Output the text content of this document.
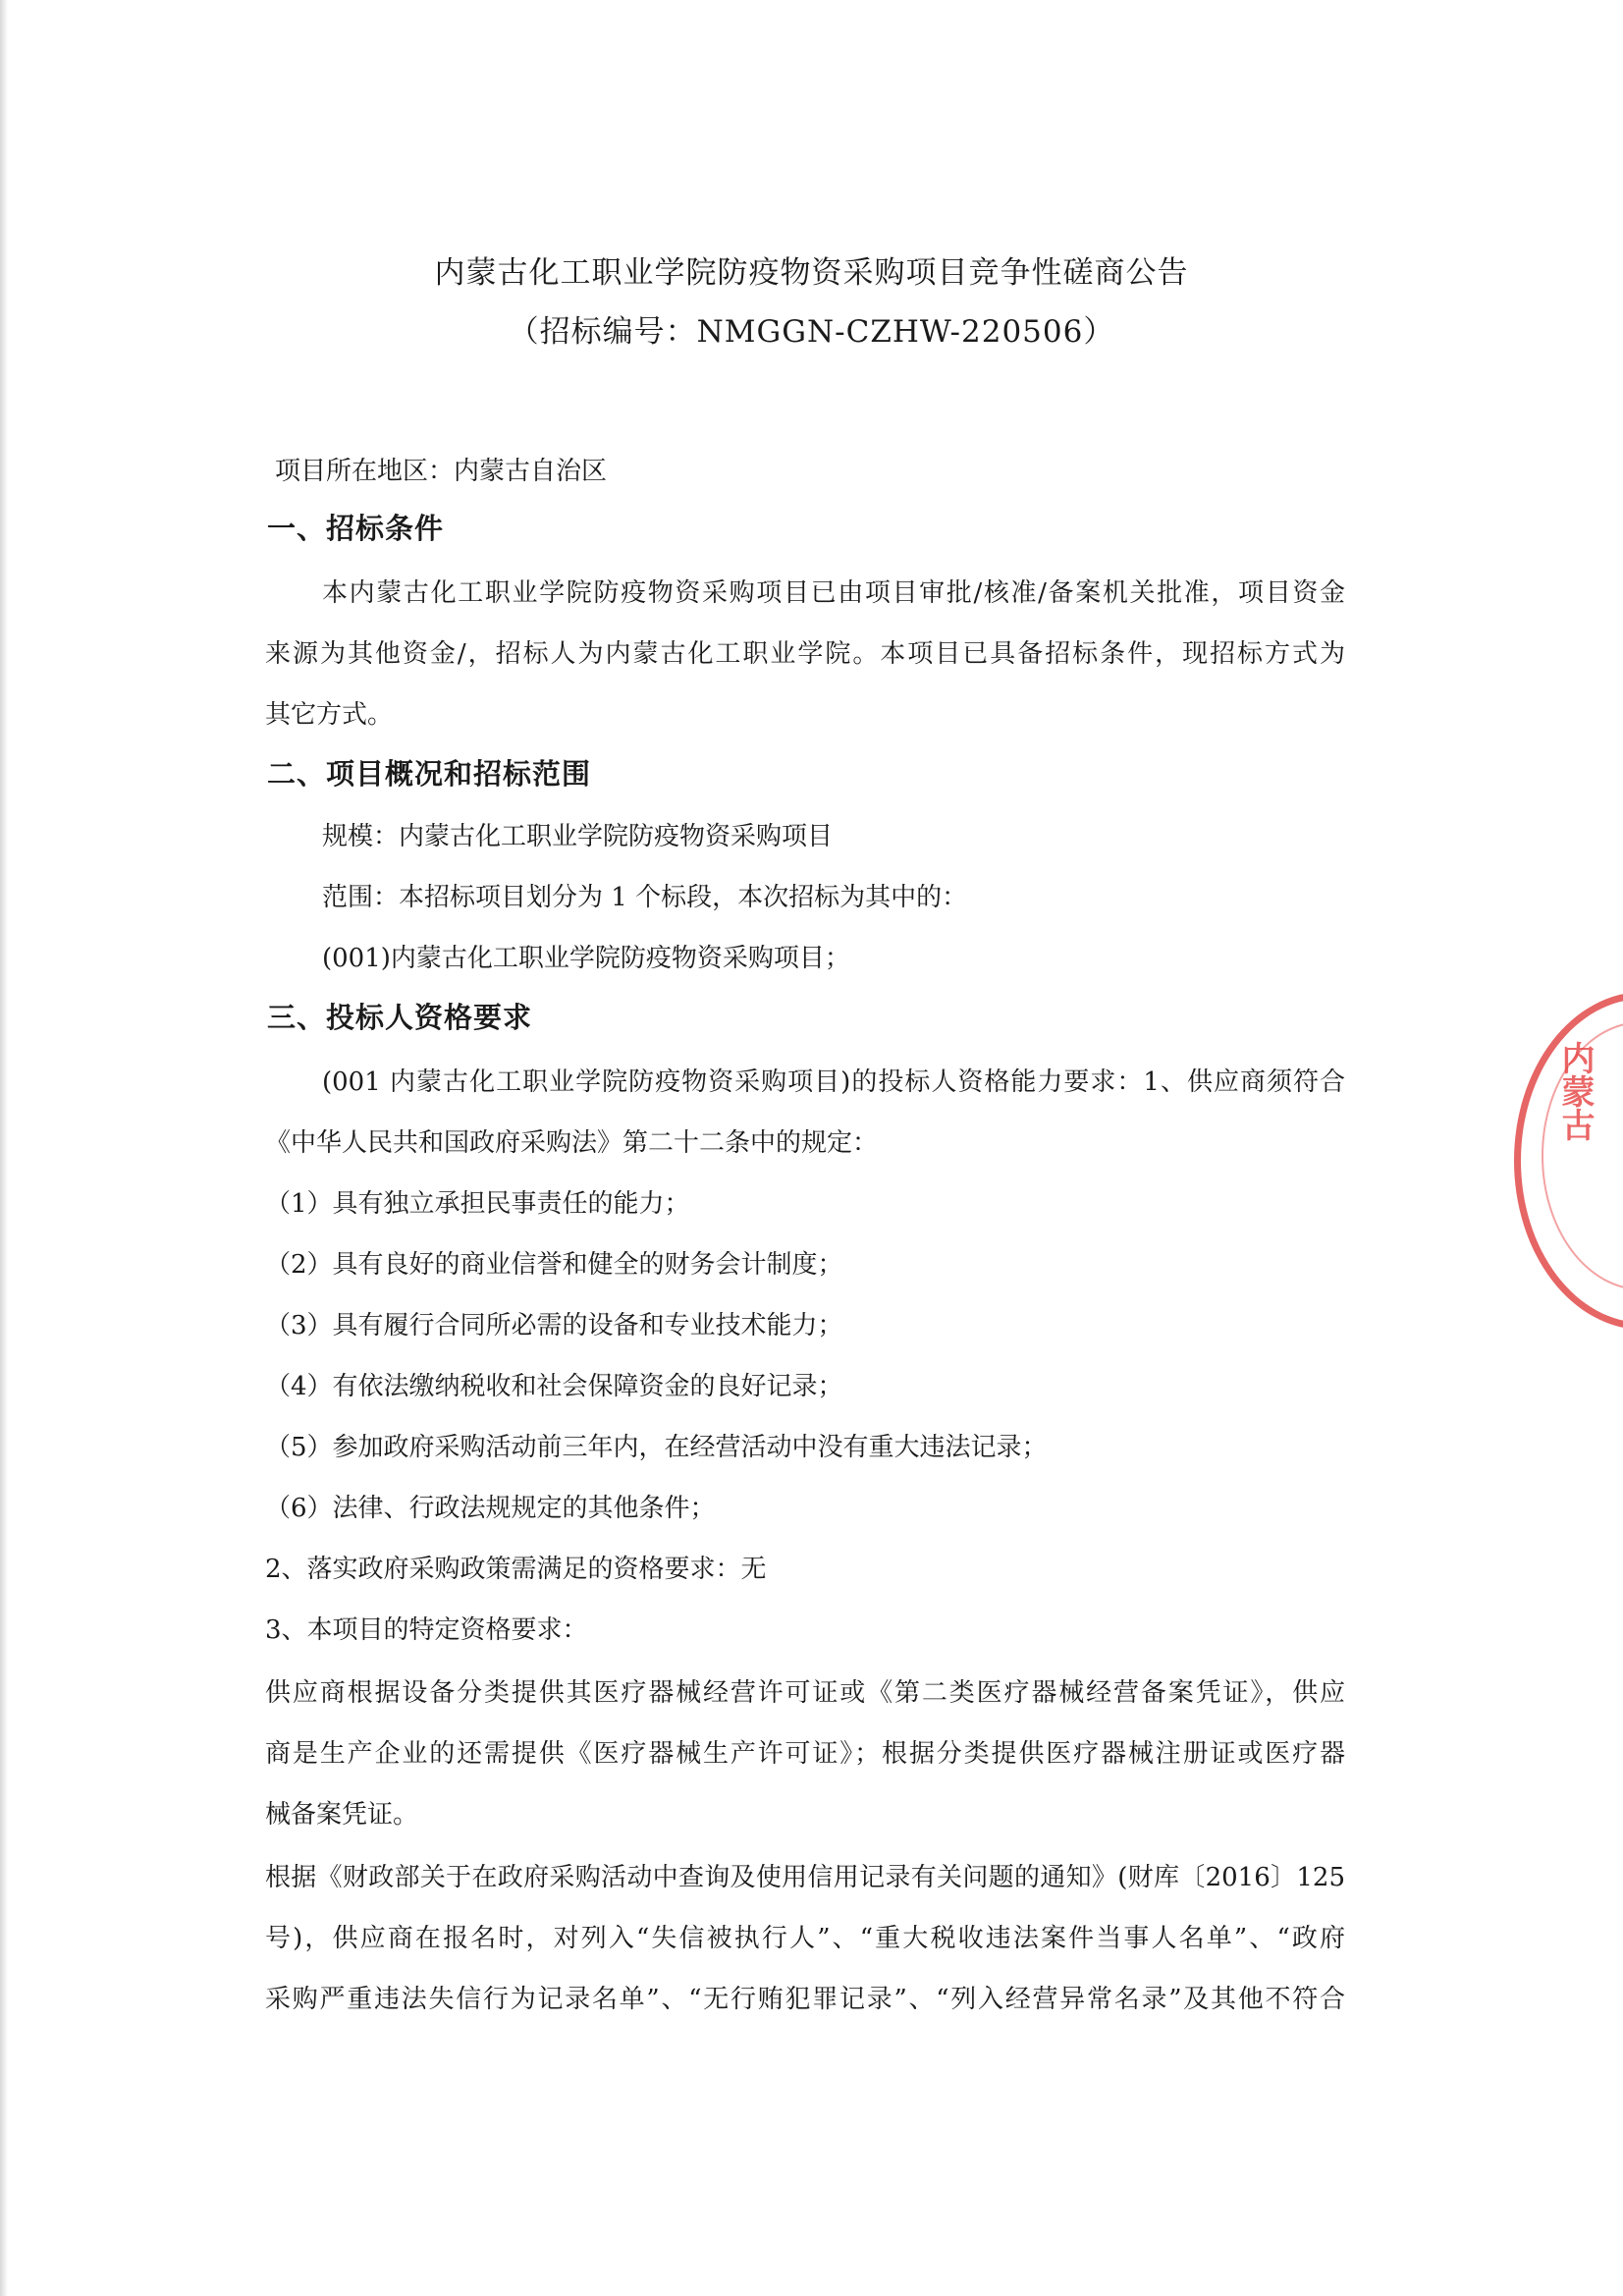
内蒙古化工职业学院防疫物资采购项目竞争性磋商公告
（招标编号：NMGGN-CZHW-220506）
项目所在地区：内蒙古自治区
一、招标条件
本内蒙古化工职业学院防疫物资采购项目已由项目审批/核准/备案机关批准，项目资金
来源为其他资金/，招标人为内蒙古化工职业学院。本项目已具备招标条件，现招标方式为
其它方式。
二、项目概况和招标范围
规模：内蒙古化工职业学院防疫物资采购项目
范围：本招标项目划分为 1 个标段，本次招标为其中的：
(001)内蒙古化工职业学院防疫物资采购项目；
三、投标人资格要求
(001 内蒙古化工职业学院防疫物资采购项目)的投标人资格能力要求：1、供应商须符合
《中华人民共和国政府采购法》第二十二条中的规定：
（1）具有独立承担民事责任的能力；
（2）具有良好的商业信誉和健全的财务会计制度；
（3）具有履行合同所必需的设备和专业技术能力；
（4）有依法缴纳税收和社会保障资金的良好记录；
（5）参加政府采购活动前三年内，在经营活动中没有重大违法记录；
（6）法律、行政法规规定的其他条件；
2、落实政府采购政策需满足的资格要求：无
3、本项目的特定资格要求：
供应商根据设备分类提供其医疗器械经营许可证或《第二类医疗器械经营备案凭证》，供应
商是生产企业的还需提供《医疗器械生产许可证》；根据分类提供医疗器械注册证或医疗器
械备案凭证。
根据《财政部关于在政府采购活动中查询及使用信用记录有关问题的通知》(财库〔2016〕125
号)，供应商在报名时，对列入“失信被执行人”、“重大税收违法案件当事人名单”、“政府
采购严重违法失信行为记录名单”、“无行贿犯罪记录”、“列入经营异常名录”及其他不符合
内蒙古
